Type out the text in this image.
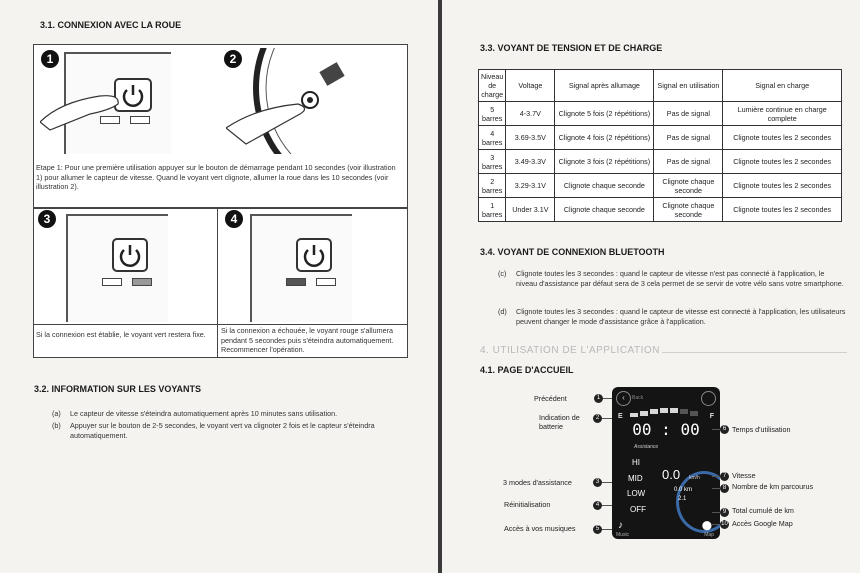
3.1. CONNEXION AVEC LA ROUE
1	2
Etape 1: Pour une première utilisation appuyer sur le bouton de démarrage pendant 10 secondes (voir illustration 1) pour allumer le capteur de vitesse. Quand le voyant vert clignote, allumer la roue dans les 10 secondes (voir illustration 2).
3	4
Si la connexion est établie, le voyant vert restera fixe. Si la connexion a échouée, le voyant rouge s'allumera pendant 5 secondes puis s'éteindra automatiquement. Recommencer l'opération.
3.2. INFORMATION SUR LES VOYANTS
(a) Le capteur de vitesse s'éteindra automatiquement après 10 minutes sans utilisation.
(b) Appuyer sur le bouton de 2-5 secondes, le voyant vert va clignoter 2 fois et le capteur s'éteindra automatiquement.
3.3. VOYANT DE TENSION ET DE CHARGE
Niveau de charge	Voltage	Signal après allumage	Signal en utilisation	Signal en charge
5 barres	4-3.7V	Clignote 5 fois (2 répétitions)	Pas de signal	Lumière continue en charge complete
4 barres	3.69-3.5V	Clignote 4 fois (2 répétitions)	Pas de signal	Clignote toutes les 2 secondes
3 barres	3.49-3.3V	Clignote 3 fois (2 répétitions)	Pas de signal	Clignote toutes les 2 secondes
2 barres	3.29-3.1V	Clignote chaque seconde	Clignote chaque seconde	Clignote toutes les 2 secondes
1 barres	Under 3.1V	Clignote chaque seconde	Clignote chaque seconde	Clignote toutes les 2 secondes
3.4. VOYANT DE CONNEXION BLUETOOTH
(c) Clignote toutes les 3 secondes : quand le capteur de vitesse n'est pas connecté à l'application, le niveau d'assistance par défaut sera de 3 cela permet de se servir de votre vélo sans votre smartphone.
(d) Clignote toutes les 3 secondes : quand le capteur de vitesse est connecté à l'application, les utilisateurs peuvent changer le mode d'assistance grâce à l'application.
4. UTILISATION DE L'APPLICATION
4.1. PAGE D'ACCUEIL
Précédent	1
Indication de batterie
2
3 modes d'assistance	3
Réinitialisation	4
Accès à vos musiques	5
‹	Back
E	F
00 : 00
Assistance
HI
MID
LOW
OFF
0.0 km/h
0.0 km
2.1
♪
Music
⬤
Map
6 Temps d'utilisation
7 Vitesse
8 Nombre de km parcourus
9 Total cumulé de km
10 Accès Google Map
